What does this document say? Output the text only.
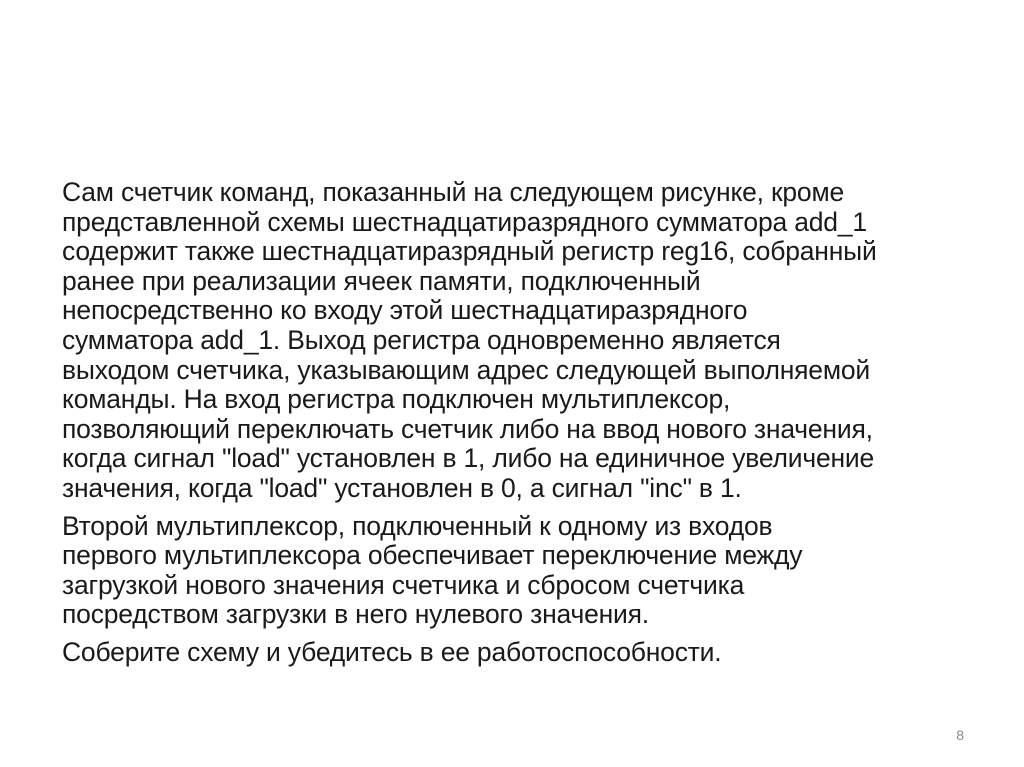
Сам счетчик команд, показанный на следующем рисунке, кроме
представленной схемы шестнадцатиразрядного сумматора add_1
содержит также шестнадцатиразрядный регистр reg16, собранный
ранее при реализации ячеек памяти, подключенный
непосредственно ко входу этой шестнадцатиразрядного
сумматора add_1. Выход регистра одновременно является
выходом счетчика, указывающим адрес следующей выполняемой
команды. На вход регистра подключен мультиплексор,
позволяющий переключать счетчик либо на ввод нового значения,
когда сигнал "load" установлен в 1, либо на единичное увеличение
значения, когда "load" установлен в 0, а сигнал "inc" в 1.

Второй мультиплексор, подключенный к одному из входов
первого мультиплексора обеспечивает переключение между
загрузкой нового значения счетчика и сбросом счетчика
посредством загрузки в него нулевого значения.

Соберите схему и убедитесь в ее работоспособности.

8
